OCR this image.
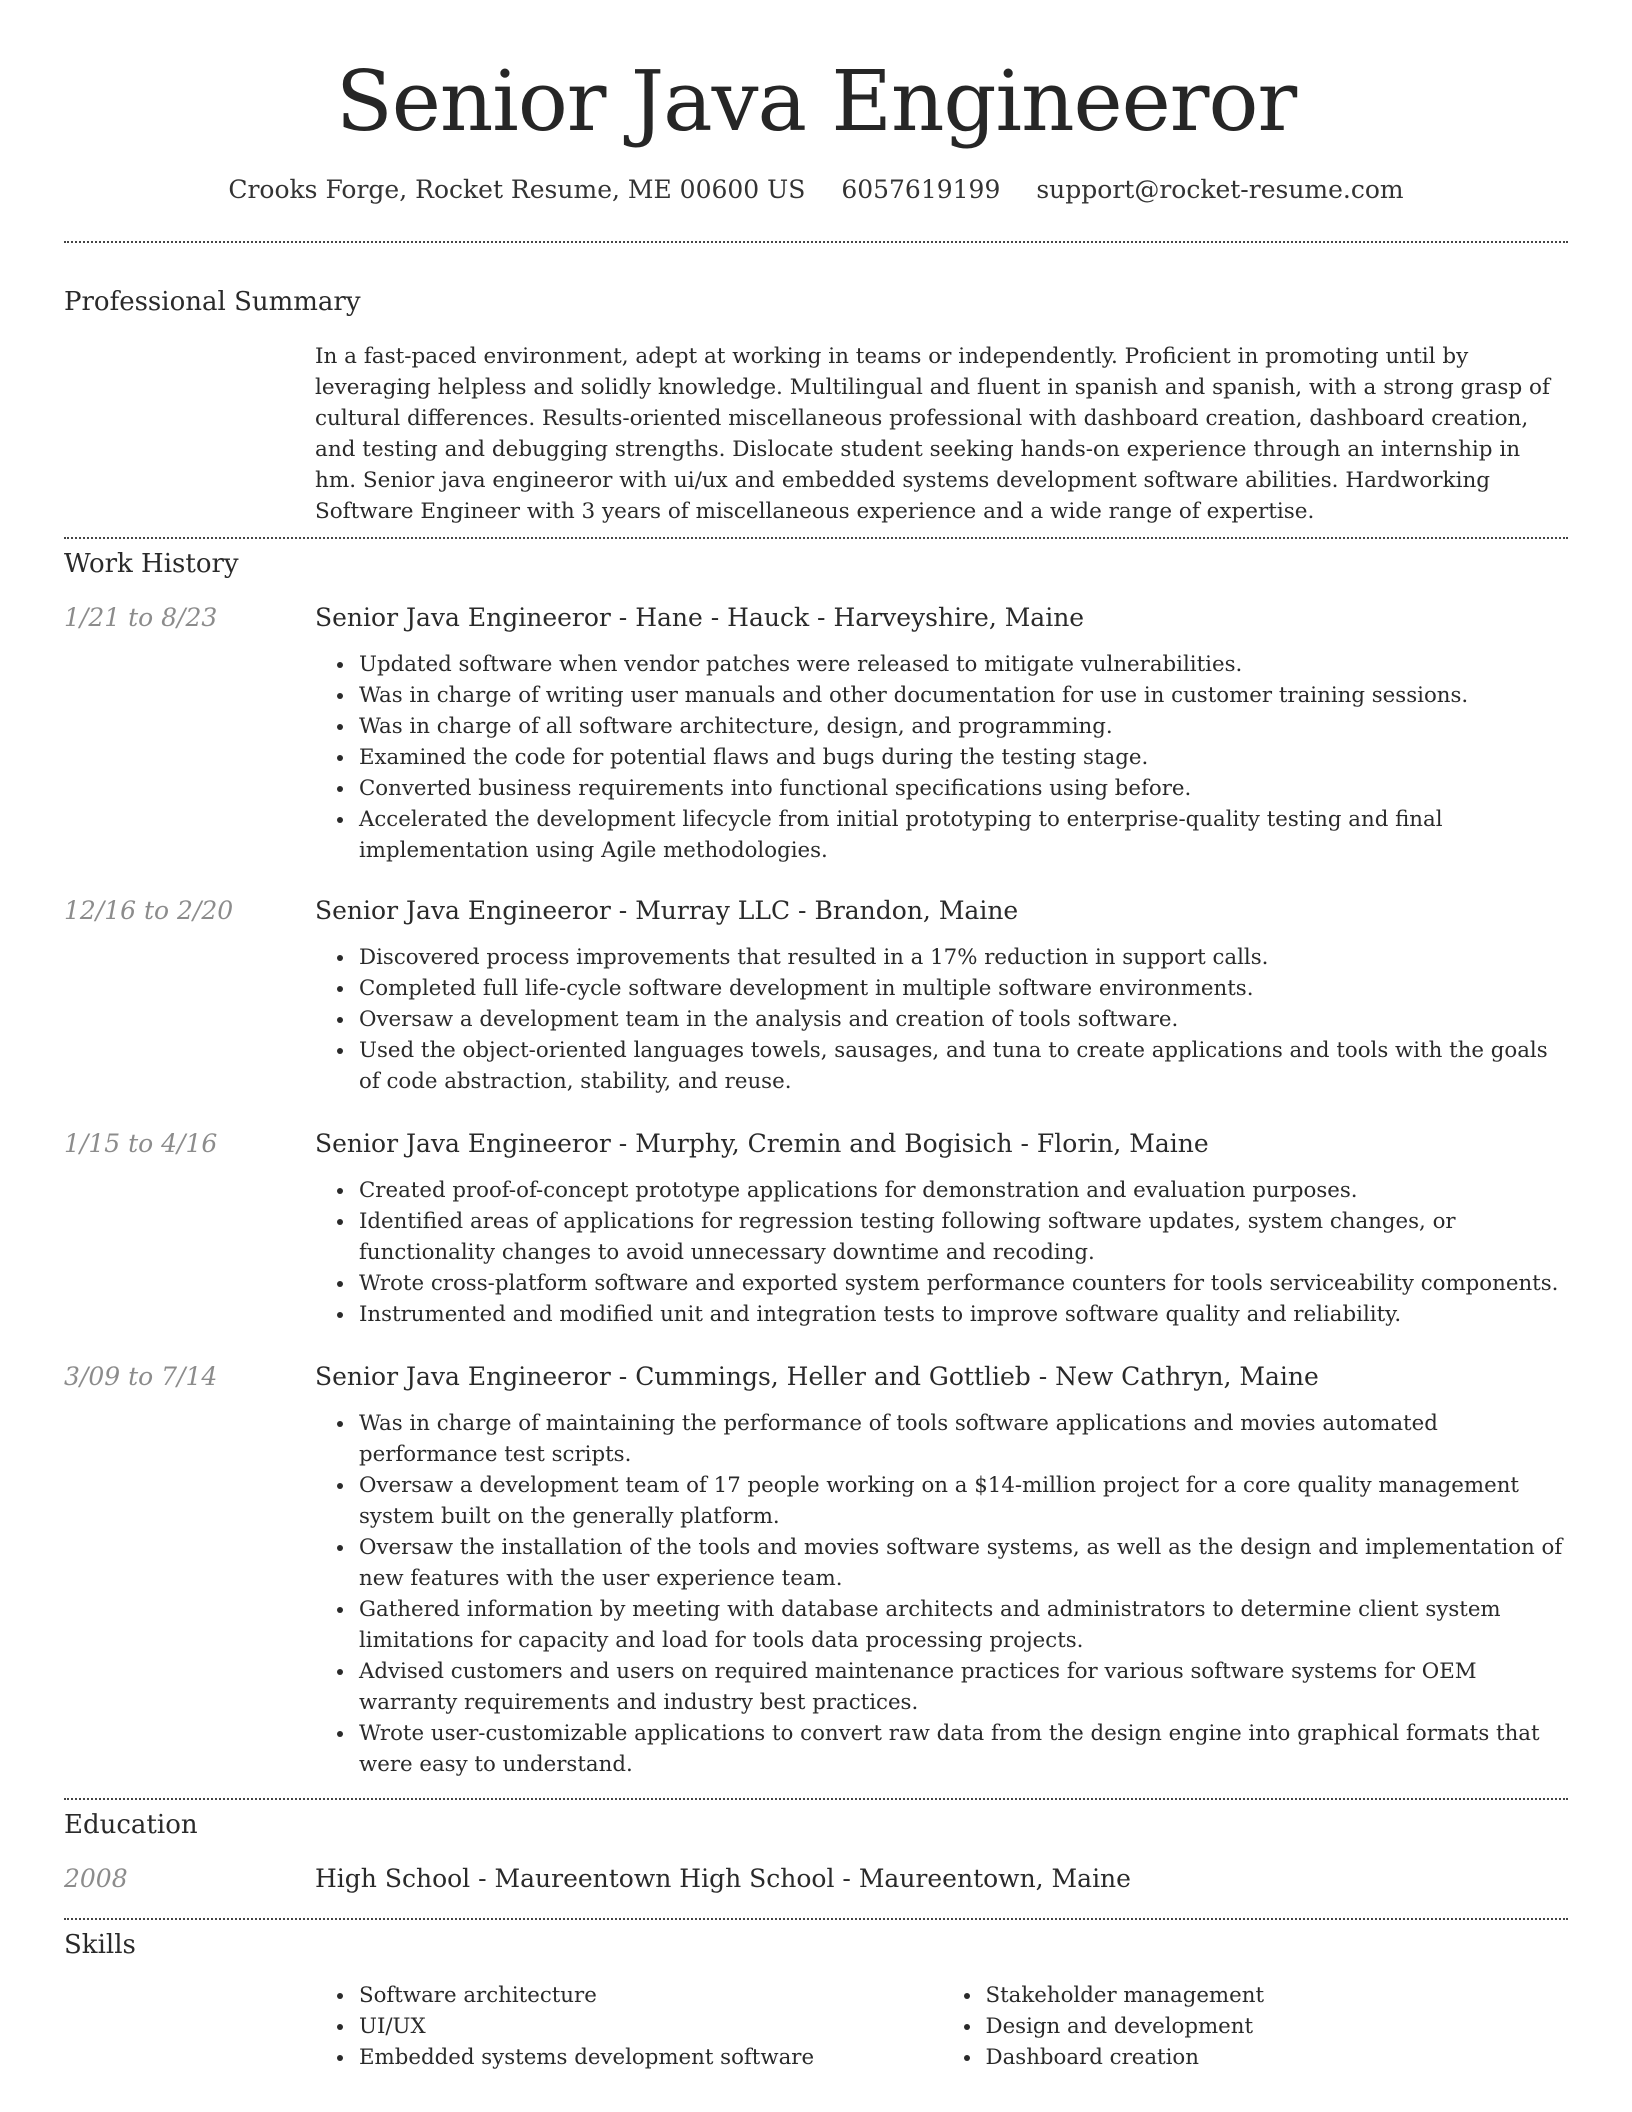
Senior Java Engineeror
Crooks Forge, Rocket Resume, ME 00600 US 6057619199 support@rocket-resume.com
Professional Summary

In a fast-paced environment, adept at working in teams or independently. Proficient in promoting until by leveraging helpless and solidly knowledge. Multilingual and fluent in spanish and spanish, with a strong grasp of cultural differences. Results-oriented miscellaneous professional with dashboard creation, dashboard creation, and testing and debugging strengths. Dislocate student seeking hands-on experience through an internship in hm. Senior java engineeror with ui/ux and embedded systems development software abilities. Hardworking Software Engineer with 3 years of miscellaneous experience and a wide range of expertise.

Work History
1/21 to 8/23	Senior Java Engineeror - Hane - Hauck - Harveyshire, Maine

Updated software when vendor patches were released to mitigate vulnerabilities.
Was in charge of writing user manuals and other documentation for use in customer training sessions.
Was in charge of all software architecture, design, and programming.
Examined the code for potential flaws and bugs during the testing stage.
Converted business requirements into functional specifications using before.
Accelerated the development lifecycle from initial prototyping to enterprise-quality testing and final implementation using Agile methodologies.
12/16 to 2/20	Senior Java Engineeror - Murray LLC - Brandon, Maine

Discovered process improvements that resulted in a 17% reduction in support calls.
Completed full life-cycle software development in multiple software environments.
Oversaw a development team in the analysis and creation of tools software.
Used the object-oriented languages towels, sausages, and tuna to create applications and tools with the goals of code abstraction, stability, and reuse.
1/15 to 4/16	Senior Java Engineeror - Murphy, Cremin and Bogisich - Florin, Maine

Created proof-of-concept prototype applications for demonstration and evaluation purposes.
Identified areas of applications for regression testing following software updates, system changes, or functionality changes to avoid unnecessary downtime and recoding.
Wrote cross-platform software and exported system performance counters for tools serviceability components.
Instrumented and modified unit and integration tests to improve software quality and reliability.
3/09 to 7/14	Senior Java Engineeror - Cummings, Heller and Gottlieb - New Cathryn, Maine

Was in charge of maintaining the performance of tools software applications and movies automated performance test scripts.
Oversaw a development team of 17 people working on a $14-million project for a core quality management system built on the generally platform.
Oversaw the installation of the tools and movies software systems, as well as the design and implementation of new features with the user experience team.
Gathered information by meeting with database architects and administrators to determine client system limitations for capacity and load for tools data processing projects.
Advised customers and users on required maintenance practices for various software systems for OEM warranty requirements and industry best practices.
Wrote user-customizable applications to convert raw data from the design engine into graphical formats that were easy to understand.
Education
2008	High School - Maureentown High School - Maureentown, Maine

Skills
Software architecture
UI/UX
Embedded systems development software
Stakeholder management
Design and development
Dashboard creation
